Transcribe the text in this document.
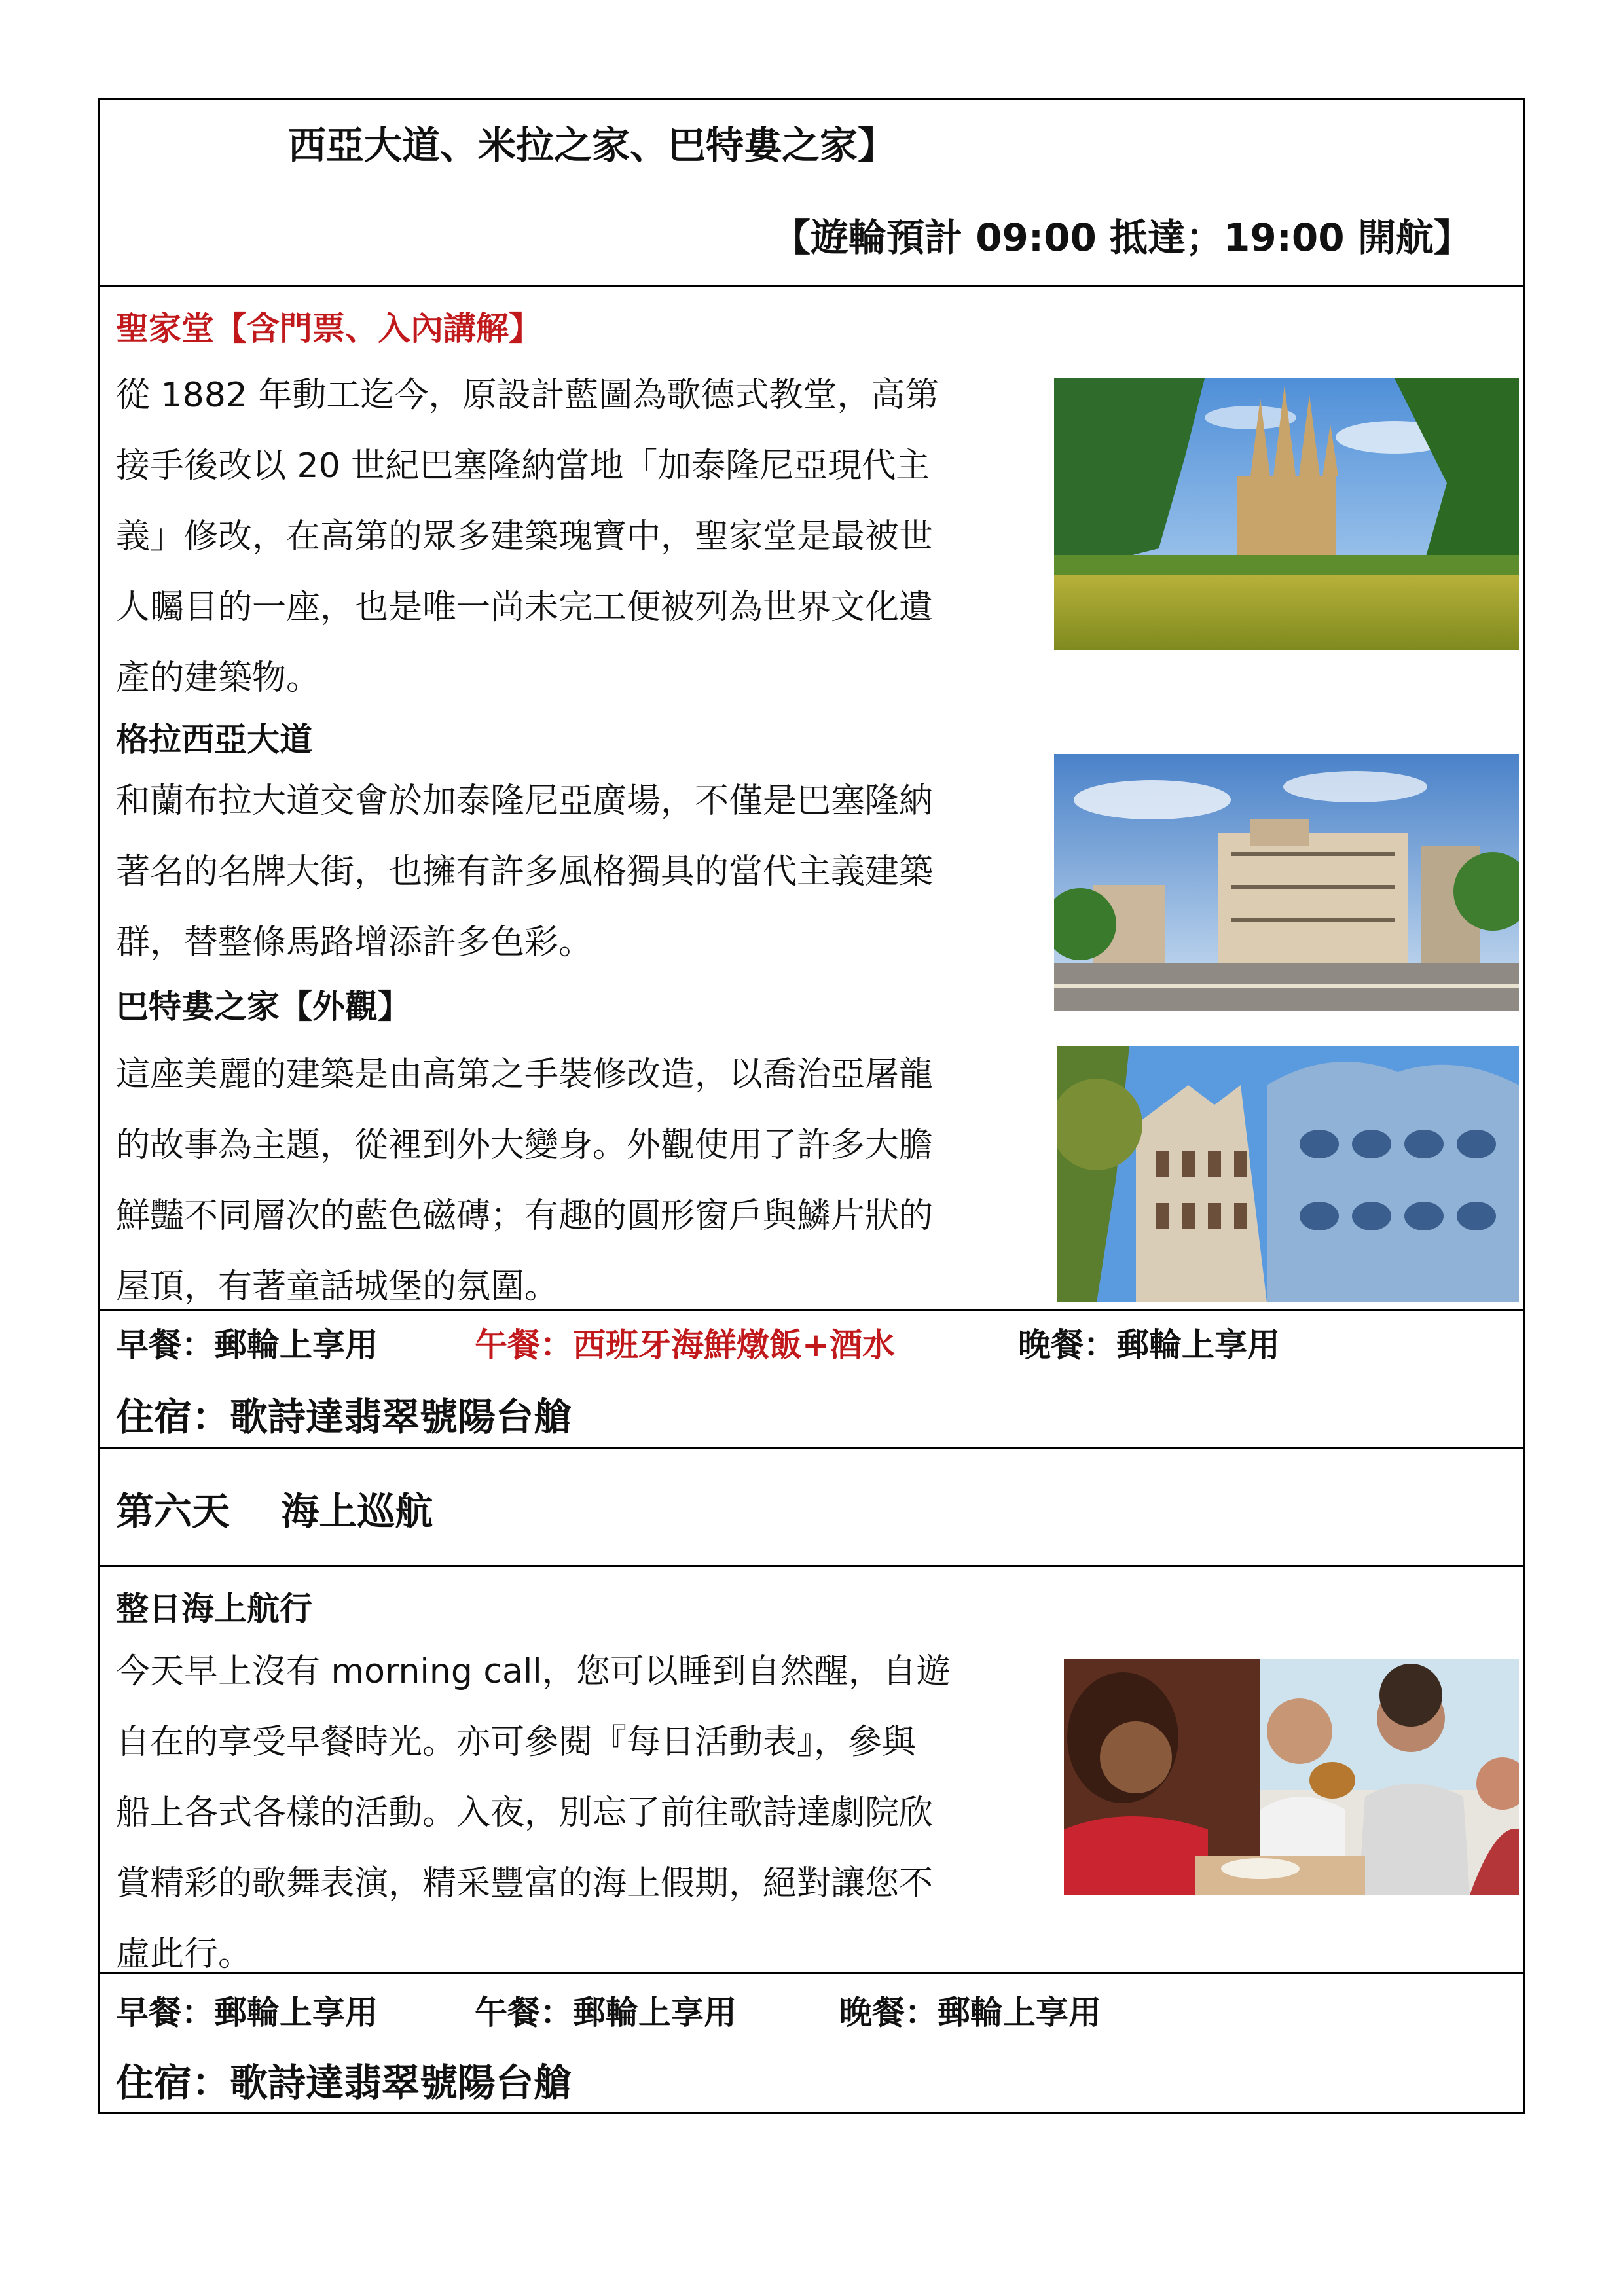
西亞大道、米拉之家、巴特婁之家】
【遊輪預計 09:00 抵達；19:00 開航】
聖家堂【含門票、入內講解】
從 1882 年動工迄今，原設計藍圖為歌德式教堂，高第
接手後改以 20 世紀巴塞隆納當地「加泰隆尼亞現代主
義」修改，在高第的眾多建築瑰寶中，聖家堂是最被世
人矚目的一座，也是唯一尚未完工便被列為世界文化遺
產的建築物。
格拉西亞大道
和蘭布拉大道交會於加泰隆尼亞廣場，不僅是巴塞隆納
著名的名牌大街，也擁有許多風格獨具的當代主義建築
群，替整條馬路增添許多色彩。
巴特婁之家【外觀】
這座美麗的建築是由高第之手裝修改造，以喬治亞屠龍
的故事為主題，從裡到外大變身。外觀使用了許多大膽
鮮豔不同層次的藍色磁磚；有趣的圓形窗戶與鱗片狀的
屋頂，有著童話城堡的氛圍。
早餐：郵輪上享用	午餐：西班牙海鮮燉飯+酒水	晚餐：郵輪上享用
住宿：歌詩達翡翠號陽台艙
第六天　 海上巡航
整日海上航行
今天早上沒有 morning call，您可以睡到自然醒，自遊
自在的享受早餐時光。亦可參閱『每日活動表』，參與
船上各式各樣的活動。入夜，別忘了前往歌詩達劇院欣
賞精彩的歌舞表演，精采豐富的海上假期，絕對讓您不
虛此行。
早餐：郵輪上享用	午餐：郵輪上享用	晚餐：郵輪上享用
住宿：歌詩達翡翠號陽台艙
